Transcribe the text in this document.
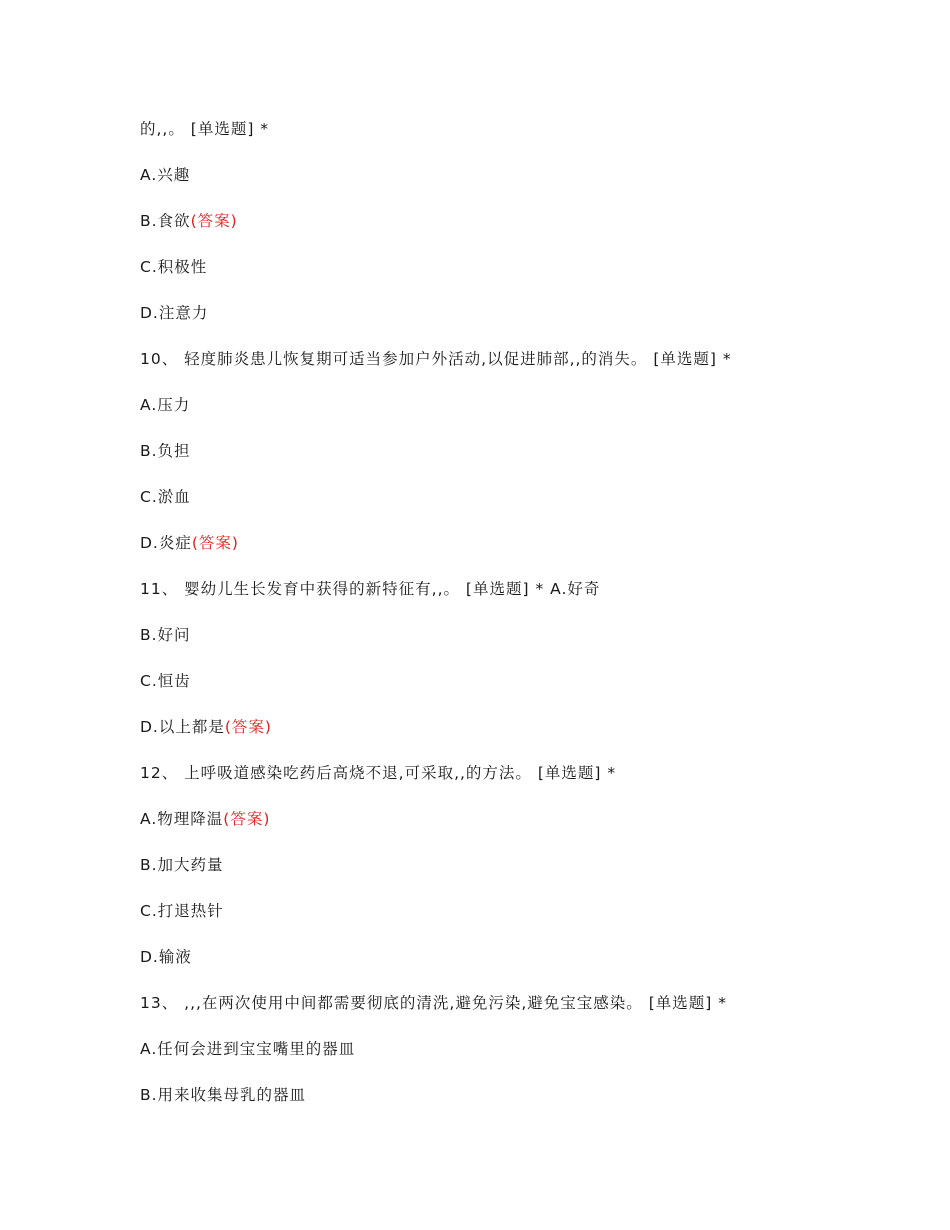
的,,。 [单选题] *
A.兴趣
B.食欲(答案)
C.积极性
D.注意力
10、 轻度肺炎患儿恢复期可适当参加户外活动,以促进肺部,,的消失。 [单选题] *
A.压力
B.负担
C.淤血
D.炎症(答案)
11、 婴幼儿生长发育中获得的新特征有,,。 [单选题] * A.好奇
B.好问
C.恒齿
D.以上都是(答案)
12、 上呼吸道感染吃药后高烧不退,可采取,,的方法。 [单选题] *
A.物理降温(答案)
B.加大药量
C.打退热针
D.输液
13、 ,,,在两次使用中间都需要彻底的清洗,避免污染,避免宝宝感染。 [单选题] *
A.任何会进到宝宝嘴里的器皿
B.用来收集母乳的器皿
